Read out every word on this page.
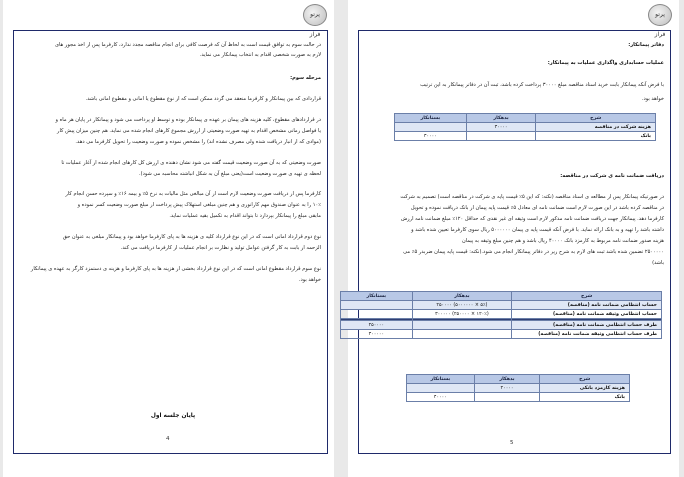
پرتو فراز
در حالت سوم به توافق قیمت است به لحاظ آن که فرصت کافی برای انجام مناقصه مجدد ندارد، کارفرما پس از اخذ مجوز های
لازم به صورت شخصی اقدام به انتخاب پیمانکار می نماید.
مرحله سوم:
قراردادی که بین پیمانکار و کارفرما منعقد می گردد ممکن است که از نوع مقطوع یا امانی و مقطوع امانی باشد.
در قراردادهای مقطوع، کلیه هزینه های پیمان بر عهده ی پیمانکار بوده و توسط او پرداخت می شود و پیمانکار در پایان هر ماه و
یا فواصل زمانی مشخص اقدام به تهیه صورت وضعیتی از ارزش مجموع کارهای انجام شده می نماید. هم چنین میزان پیش کار
(موادی که از انبار دریافت شده ولی مصرف نشده اند) را مشخص نموده و صورت وضعیت را تحویل کارفرما می دهد.
صورت وضعیتی که به آن صورت وضعیت قیمت گفته می شود نشان دهنده ی ارزش کل کارهای انجام شده از آغاز عملیات تا
لحظه ی تهیه ی صورت وضعیت است(یعنی مبلغ آن به شکل انباشته محاسبه می شود).
کارفرما پس از دریافت صورت وضعیت لازم است از آن مبالغی مثل مالیات به نرخ ۵٪ و بیمه ۱۶٪ و سپرده حسن انجام کار
۱۰٪ را به عنوان صندوق مهم کارانوزی و هم چنین مبلغی استهلاک پیش پرداخت از مبلغ صورت وضعیت کسر نموده و
مابقی مبلغ را پیمانکار بپردازد تا بتواند اقدام به تکمیل بقیه عملیات نماید.
نوع دوم قرارداد امانی است که در این نوع قرارداد کلیه ی هزینه ها به پای کارفرما خواهد بود و پیمانکار مبلغی به عنوان حق
الزحمه از بابت به کار گرفتن عوامل تولید و نظارت بر انجام عملیات از کارفرما دریافت می کند.
نوع سوم قرارداد مقطوع امانی است که در این نوع قرارداد بخشی از هزینه ها به پای کارفرما و هزینه ی دستمزد کارگر به عهده ی پیمانکار
خواهد بود.
پایان جلسه اول
4
پرتو فراز
دفاتر پیمانکار:
عملیات حسابداری واگذاری عملیات به پیمانکار:
با فرض آنکه پیمانکار بابت خرید اسناد مناقصه مبلغ ۳۰۰۰۰ پرداخت کرده باشد، ثبت آن در دفاتر پیمانکار به این ترتیب
خواهد بود.
شرح	بدهکار	بستانکار
هزینه شرکت در مناقصه	۳۰۰۰۰	
بانک		۳۰۰۰۰
دریافت ضمانت نامه ی شرکت در مناقصه:
در صورتیکه پیمانکار پس از مطالعه ی اسناد مناقصه (نکته: که این ۵٪ قیمت پایه ی شرکت در مناقصه است) تصمیم به شرکت
در مناقصه کرده باشد در این صورت لازم است ضمانت نامه ای معادل ۵٪ قیمت پایه پیمان از بانک دریافت نموده و تحویل
کارفرما دهد. پیمانکار جهت دریافت ضمانت نامه مذکور لازم است وثیقه ای غیر نقدی که حداقل ۱۲۰٪ مبلغ ضمانت نامه ارزش
داشته باشد را تهیه و به بانک ارائه نماید. با فرض آنکه قیمت پایه ی پیمان ۵۰۰۰۰۰۰ ریال سوی کارفرما تعیین شده باشد و
هزینه صدور ضمانت نامه مربوط به کارمزد بانک ۴۰۰۰۰ ریال باشد و هم چنین مبلغ وثیقه به پیمان
۲۵۰۰۰۰۰ تضمین شده باشد ثبت های لازم به شرح زیر در دفاتر پیمانکار انجام می شود.(نکته: قیمت پایه پیمان ضربدر ۵٪ می
باشد)
شرح	بدهکار	بستانکار
حساب انتظامی ضمانت نامه (مناقصه)	(۵٪ × ۵۰۰۰۰۰۰) ۲۵۰۰۰۰	
حساب انتظامی وثیقه ضمانت نامه (مناقصه)	(۱۲۰٪ × ۲۵۰۰۰۰) ۳۰۰۰۰۰	

طرف حساب انتظامی ضمانت نامه (مناقصه)		۲۵۰۰۰۰
طرف حساب انتظامی وثیقه ضمانت نامه (مناقصه)		۳۰۰۰۰۰
شرح	بدهکار	بستانکار
هزینه کارمزد بانکی	۴۰۰۰۰	
بانک		۴۰۰۰۰
5
